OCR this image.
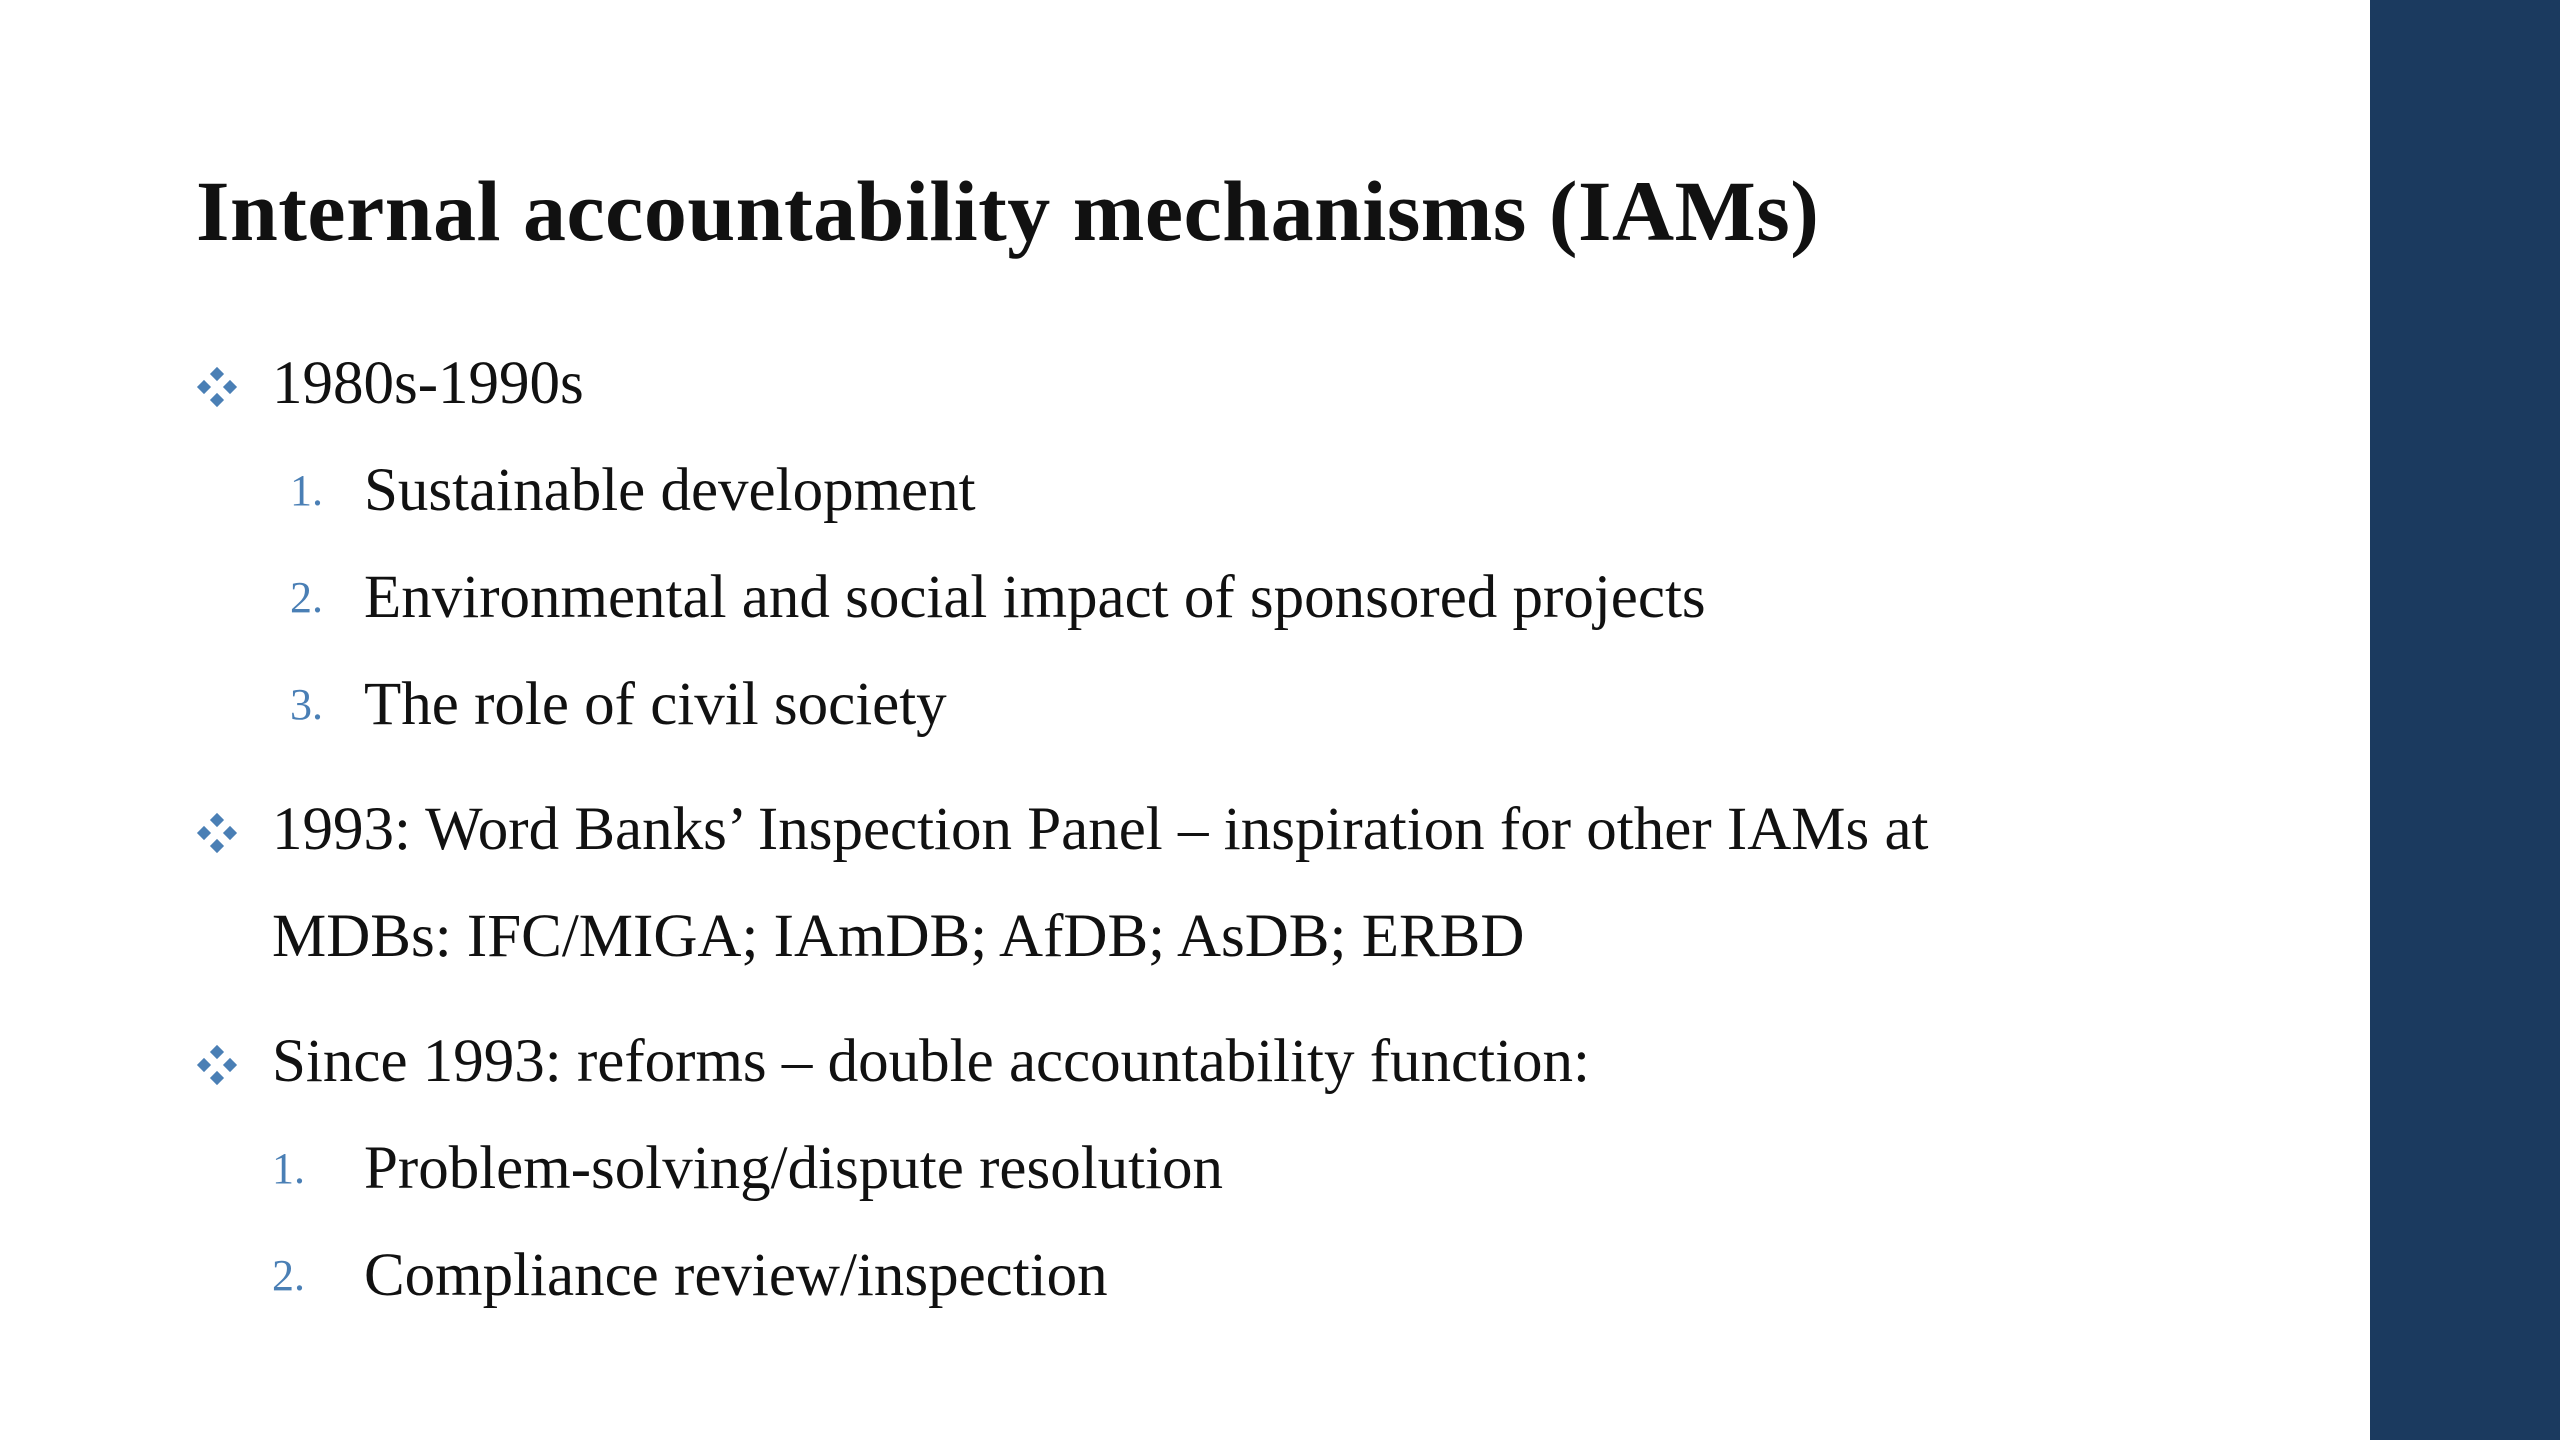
Internal accountability mechanisms (IAMs)
1980s-1990s
1. Sustainable development
2. Environmental and social impact of sponsored projects
3. The role of civil society
1993: Word Banks’ Inspection Panel – inspiration for other IAMs at
MDBs: IFC/MIGA; IAmDB; AfDB; AsDB; ERBD
Since 1993: reforms – double accountability function:
1. Problem-solving/dispute resolution
2. Compliance review/inspection
